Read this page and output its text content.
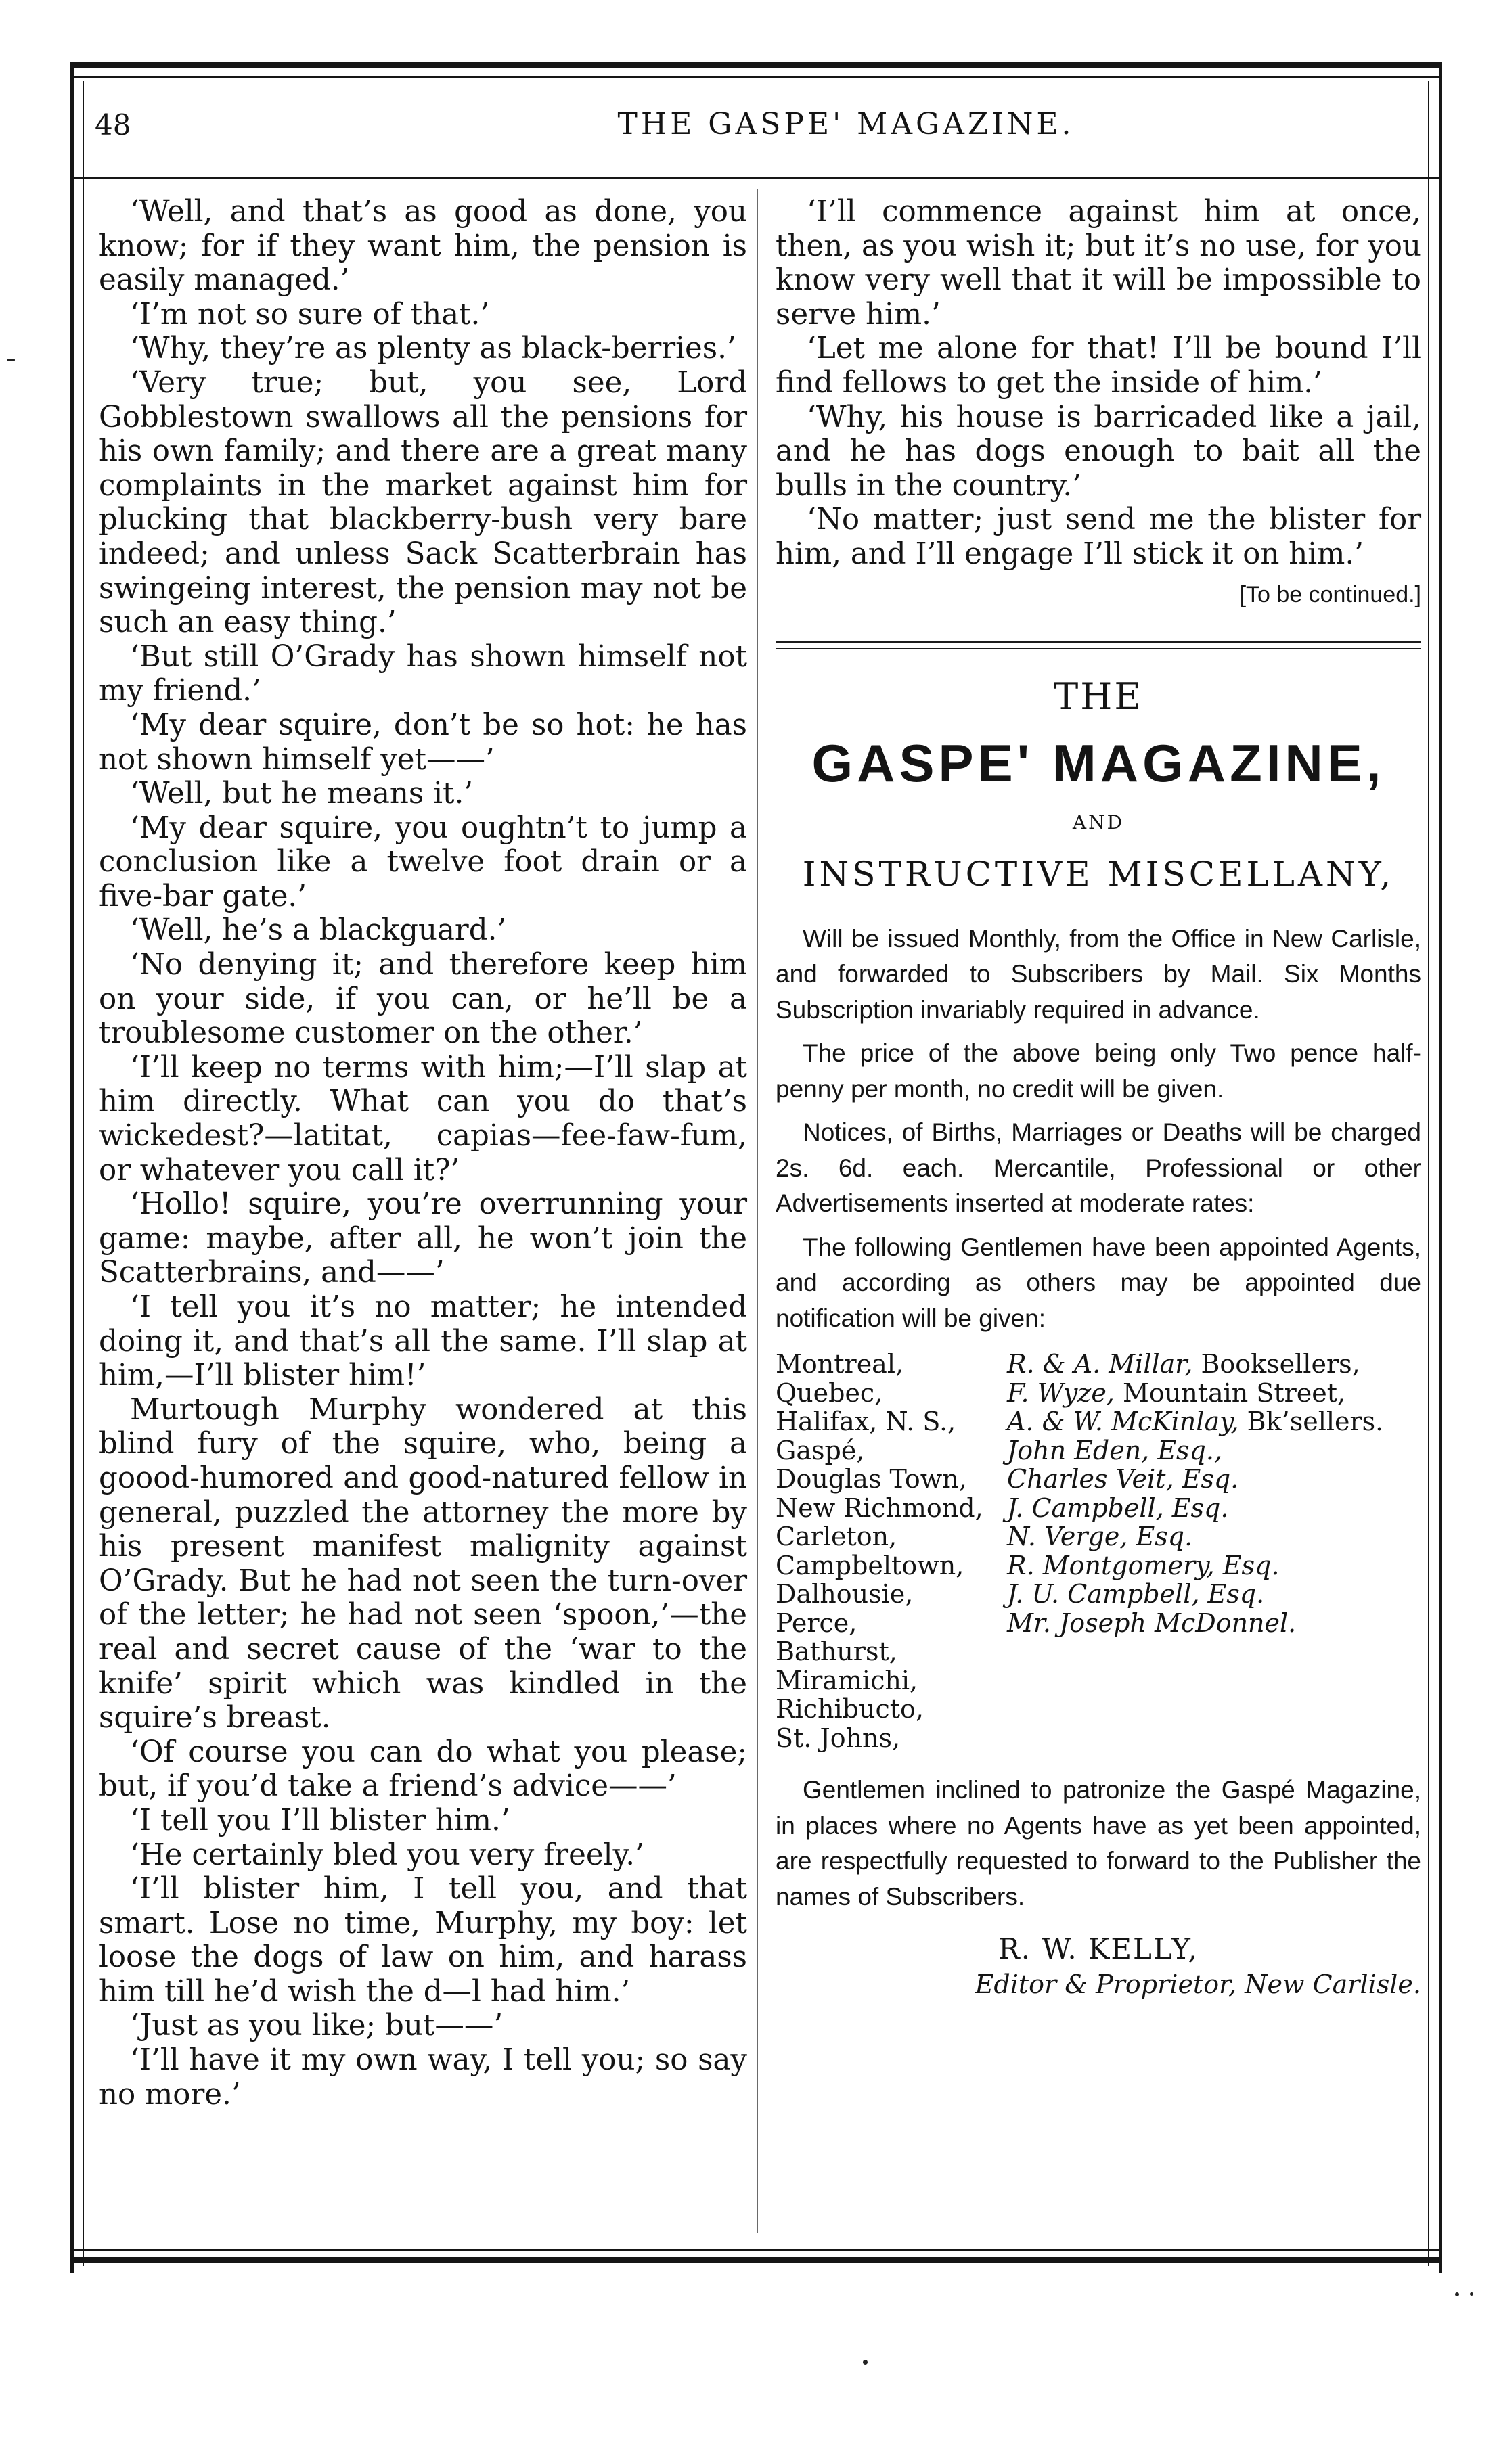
48	THE GASPE' MAGAZINE.

‘Well, and that’s as good as done, you know; for if they want him, the pension is easily managed.’

‘I’m not so sure of that.’

‘Why, they’re as plenty as black-berries.’

‘Very true; but, you see, Lord Gobblestown swallows all the pensions for his own family; and there are a great many complaints in the market against him for plucking that blackberry-bush very bare indeed; and unless Sack Scatterbrain has swingeing interest, the pension may not be such an easy thing.’

‘But still O’Grady has shown himself not my friend.’

‘My dear squire, don’t be so hot: he has not shown himself yet——’

‘Well, but he means it.’

‘My dear squire, you oughtn’t to jump a conclusion like a twelve foot drain or a five-bar gate.’

‘Well, he’s a blackguard.’

‘No denying it; and therefore keep him on your side, if you can, or he’ll be a troublesome customer on the other.’

‘I’ll keep no terms with him;—I’ll slap at him directly. What can you do that’s wickedest?—latitat, capias—fee-faw-fum, or whatever you call it?’

‘Hollo! squire, you’re overrunning your game: maybe, after all, he won’t join the Scatterbrains, and——’

‘I tell you it’s no matter; he intended doing it, and that’s all the same. I’ll slap at him,—I’ll blister him!’

Murtough Murphy wondered at this blind fury of the squire, who, being a goood-humored and good-natured fellow in general, puzzled the attorney the more by his present manifest malignity against O’Grady. But he had not seen the turn-over of the letter; he had not seen ‘spoon,’—the real and secret cause of the ‘war to the knife’ spirit which was kindled in the squire’s breast.

‘Of course you can do what you please; but, if you’d take a friend’s advice——’

‘I tell you I’ll blister him.’

‘He certainly bled you very freely.’

‘I’ll blister him, I tell you, and that smart. Lose no time, Murphy, my boy: let loose the dogs of law on him, and harass him till he’d wish the d—l had him.’

‘Just as you like; but——’

‘I’ll have it my own way, I tell you; so say no more.’

‘I’ll commence against him at once, then, as you wish it; but it’s no use, for you know very well that it will be impossible to serve him.’

‘Let me alone for that! I’ll be bound I’ll find fellows to get the inside of him.’

‘Why, his house is barricaded like a jail, and he has dogs enough to bait all the bulls in the country.’

‘No matter; just send me the blister for him, and I’ll engage I’ll stick it on him.’

[To be continued.]
THE
GASPE' MAGAZINE,
AND
INSTRUCTIVE MISCELLANY,

Will be issued Monthly, from the Office in New Carlisle, and forwarded to Subscribers by Mail. Six Months Subscription invariably required in advance.

The price of the above being only Two pence half-penny per month, no credit will be given.

Notices, of Births, Marriages or Deaths will be charged 2s. 6d. each. Mercantile, Professional or other Advertisements inserted at moderate rates:

The following Gentlemen have been appointed Agents, and according as others may be appointed due notification will be given:

Montreal,	R. & A. Millar, Booksellers,
Quebec,	F. Wyze, Mountain Street,
Halifax, N. S.,	A. & W. McKinlay, Bk’sellers.
Gaspé,	John Eden, Esq.,
Douglas Town,	Charles Veit, Esq.
New Richmond, J. Campbell, Esq.
Carleton,	N. Verge, Esq.
Campbeltown,	R. Montgomery, Esq.
Dalhousie,	J. U. Campbell, Esq.
Perce,	Mr. Joseph McDonnel.
Bathurst,
Miramichi,
Richibucto,
St. Johns,

Gentlemen inclined to patronize the Gaspé Magazine, in places where no Agents have as yet been appointed, are respectfully requested to forward to the Publisher the names of Subscribers.

R. W. KELLY,
Editor & Proprietor, New Carlisle.
